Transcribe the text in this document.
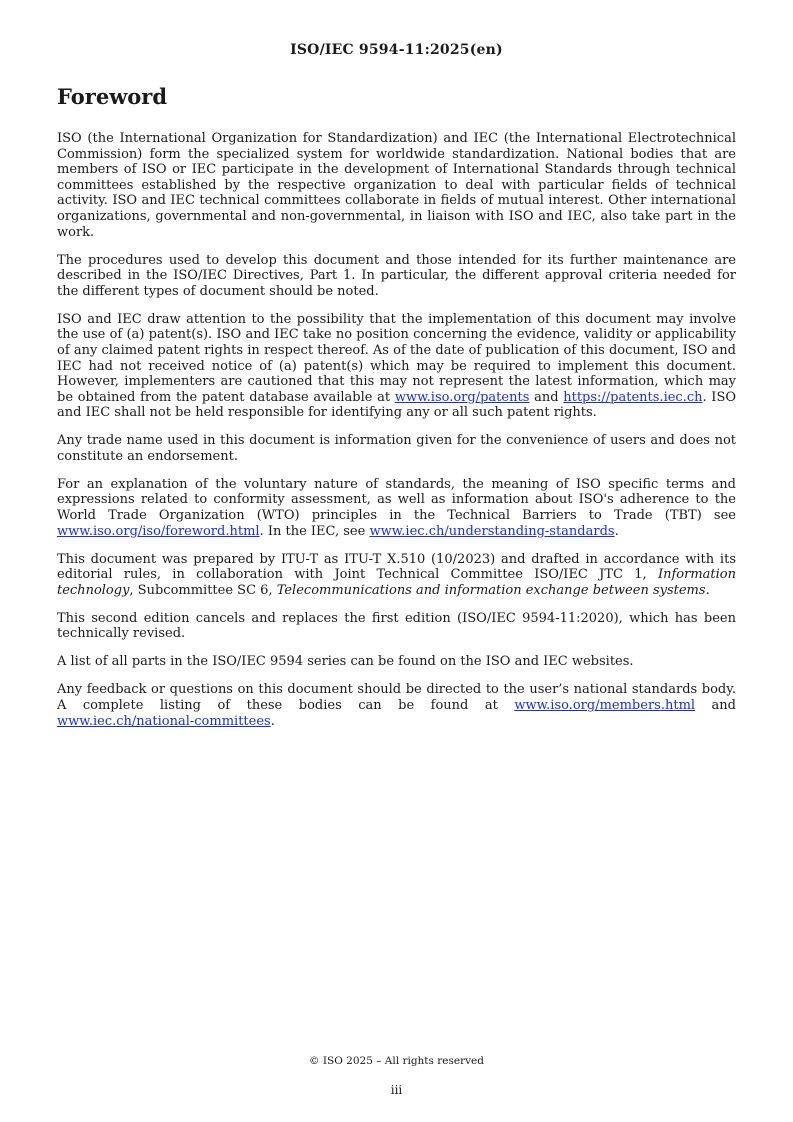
ISO/IEC 9594-11:2025(en)
Foreword

ISO (the International Organization for Standardization) and IEC (the International Electrotechnical Commission) form the specialized system for worldwide standardization. National bodies that are members of ISO or IEC participate in the development of International Standards through technical committees established by the respective organization to deal with particular fields of technical activity. ISO and IEC technical committees collaborate in fields of mutual interest. Other international organizations, governmental and non-governmental, in liaison with ISO and IEC, also take part in the work.

The procedures used to develop this document and those intended for its further maintenance are described in the ISO/IEC Directives, Part 1. In particular, the different approval criteria needed for the different types of document should be noted.

ISO and IEC draw attention to the possibility that the implementation of this document may involve the use of (a) patent(s). ISO and IEC take no position concerning the evidence, validity or applicability of any claimed patent rights in respect thereof. As of the date of publication of this document, ISO and IEC had not received notice of (a) patent(s) which may be required to implement this document. However, implementers are cautioned that this may not represent the latest information, which may be obtained from the patent database available at www.iso.org/patents and https://patents.iec.ch. ISO and IEC shall not be held responsible for identifying any or all such patent rights.

Any trade name used in this document is information given for the convenience of users and does not constitute an endorsement.

For an explanation of the voluntary nature of standards, the meaning of ISO specific terms and expressions related to conformity assessment, as well as information about ISO's adherence to the World Trade Organization (WTO) principles in the Technical Barriers to Trade (TBT) see www.iso.org/iso/foreword.html. In the IEC, see www.iec.ch/understanding-standards.

This document was prepared by ITU-T as ITU-T X.510 (10/2023) and drafted in accordance with its editorial rules, in collaboration with Joint Technical Committee ISO/IEC JTC 1, Information technology, Subcommittee SC 6, Telecommunications and information exchange between systems.

This second edition cancels and replaces the first edition (ISO/IEC 9594-11:2020), which has been technically revised.

A list of all parts in the ISO/IEC 9594 series can be found on the ISO and IEC websites.

Any feedback or questions on this document should be directed to the user’s national standards body. A complete listing of these bodies can be found at www.iso.org/members.html and www.iec.ch/national-committees.

© ISO 2025 – All rights reserved
iii
